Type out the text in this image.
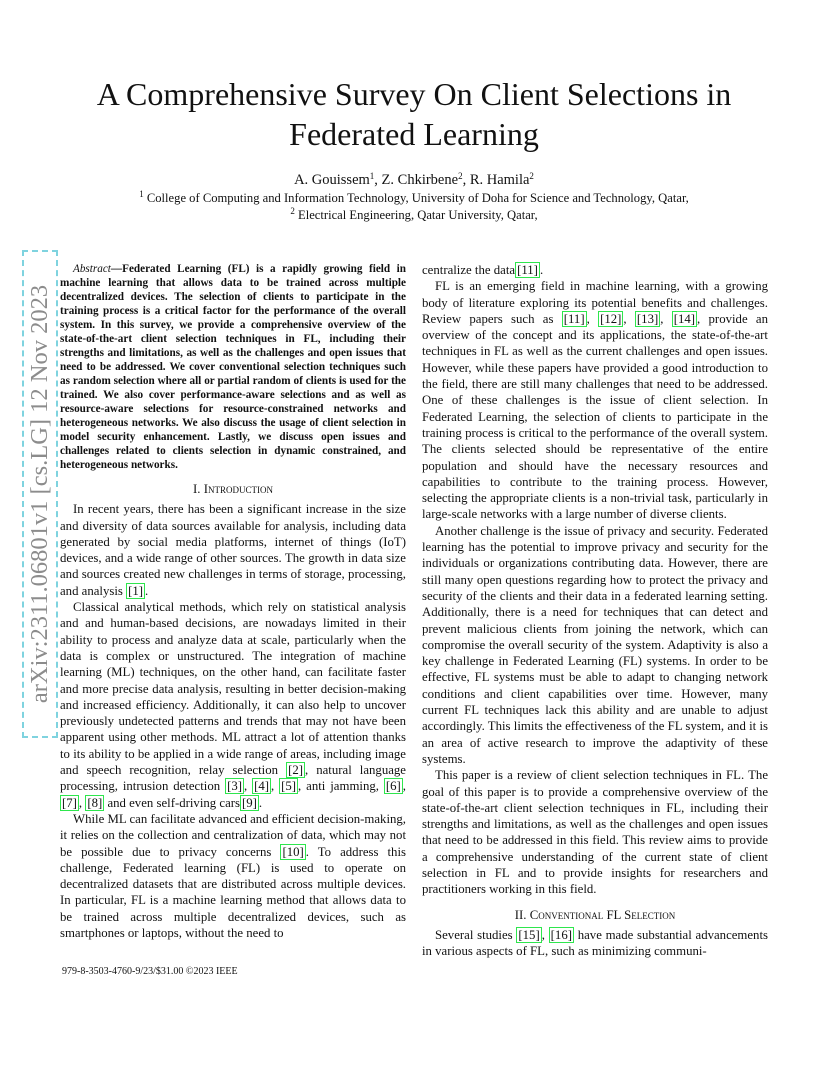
arXiv:2311.06801v1 [cs.LG] 12 Nov 2023
A Comprehensive Survey On Client Selections in Federated Learning
A. Gouissem$^1$, Z. Chkirbene$^2$, R. Hamila$^2$
$^1$ College of Computing and Information Technology, University of Doha for Science and Technology, Qatar,
$^2$ Electrical Engineering, Qatar University, Qatar,

Abstract—Federated Learning (FL) is a rapidly growing field in machine learning that allows data to be trained across multiple decentralized devices. The selection of clients to participate in the training process is a critical factor for the performance of the overall system. In this survey, we provide a comprehensive overview of the state-of-the-art client selection techniques in FL, including their strengths and limitations, as well as the challenges and open issues that need to be addressed. We cover conventional selection techniques such as random selection where all or partial random of clients is used for the trained. We also cover performance-aware selections and as well as resource-aware selections for resource-constrained networks and heterogeneous networks. We also discuss the usage of client selection in model security enhancement. Lastly, we discuss open issues and challenges related to clients selection in dynamic constrained, and heterogeneous networks.

I. Introduction

In recent years, there has been a significant increase in the size and diversity of data sources available for analysis, including data generated by social media platforms, internet of things (IoT) devices, and a wide range of other sources. The growth in data size and sources created new challenges in terms of storage, processing, and analysis [1] .

Classical analytical methods, which rely on statistical analysis and and human-based decisions, are nowadays limited in their ability to process and analyze data at scale, particularly when the data is complex or unstructured. The integration of machine learning (ML) techniques, on the other hand, can facilitate faster and more precise data analysis, resulting in better decision-making and increased efficiency. Additionally, it can also help to uncover previously undetected patterns and trends that may not have been apparent using other methods. ML attract a lot of attention thanks to its ability to be applied in a wide range of areas, including image and speech recognition, relay selection [2] , natural language processing, intrusion detection [3] , [4] , [5] , anti jamming, [6] , [7] , [8] and even self-driving cars [9] .

While ML can facilitate advanced and efficient decision-making, it relies on the collection and centralization of data, which may not be possible due to privacy concerns [10] . To address this challenge, Federated learning (FL) is used to operate on decentralized datasets that are distributed across multiple devices. In particular, FL is a machine learning method that allows data to be trained across multiple decentralized devices, such as smartphones or laptops, without the need to

centralize the data [11] .

FL is an emerging field in machine learning, with a growing body of literature exploring its potential benefits and challenges. Review papers such as [11] , [12] , [13] , [14] , provide an overview of the concept and its applications, the state-of-the-art techniques in FL as well as the current challenges and open issues. However, while these papers have provided a good introduction to the field, there are still many challenges that need to be addressed. One of these challenges is the issue of client selection. In Federated Learning, the selection of clients to participate in the training process is critical to the performance of the overall system. The clients selected should be representative of the entire population and should have the necessary resources and capabilities to contribute to the training process. However, selecting the appropriate clients is a non-trivial task, particularly in large-scale networks with a large number of diverse clients.

Another challenge is the issue of privacy and security. Federated learning has the potential to improve privacy and security for the individuals or organizations contributing data. However, there are still many open questions regarding how to protect the privacy and security of the clients and their data in a federated learning setting. Additionally, there is a need for techniques that can detect and prevent malicious clients from joining the network, which can compromise the overall security of the system. Adaptivity is also a key challenge in Federated Learning (FL) systems. In order to be effective, FL systems must be able to adapt to changing network conditions and client capabilities over time. However, many current FL techniques lack this ability and are unable to adjust accordingly. This limits the effectiveness of the FL system, and it is an area of active research to improve the adaptivity of these systems.

This paper is a review of client selection techniques in FL. The goal of this paper is to provide a comprehensive overview of the state-of-the-art client selection techniques in FL, including their strengths and limitations, as well as the challenges and open issues that need to be addressed in this field. This review aims to provide a comprehensive understanding of the current state of client selection in FL and to provide insights for researchers and practitioners working in this field.

II. Conventional FL Selection

Several studies [15] , [16] have made substantial advancements in various aspects of FL, such as minimizing communi-

979-8-3503-4760-9/23/$31.00 ©2023 IEEE
